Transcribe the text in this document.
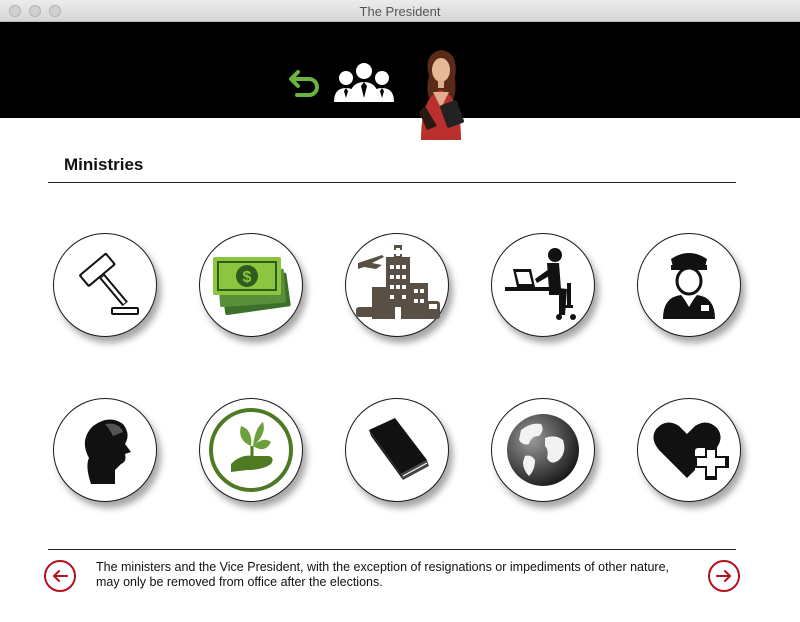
The President
Ministries
$
The ministers and the Vice President, with the exception of resignations or impediments of other nature, may only be removed from office after the elections.
